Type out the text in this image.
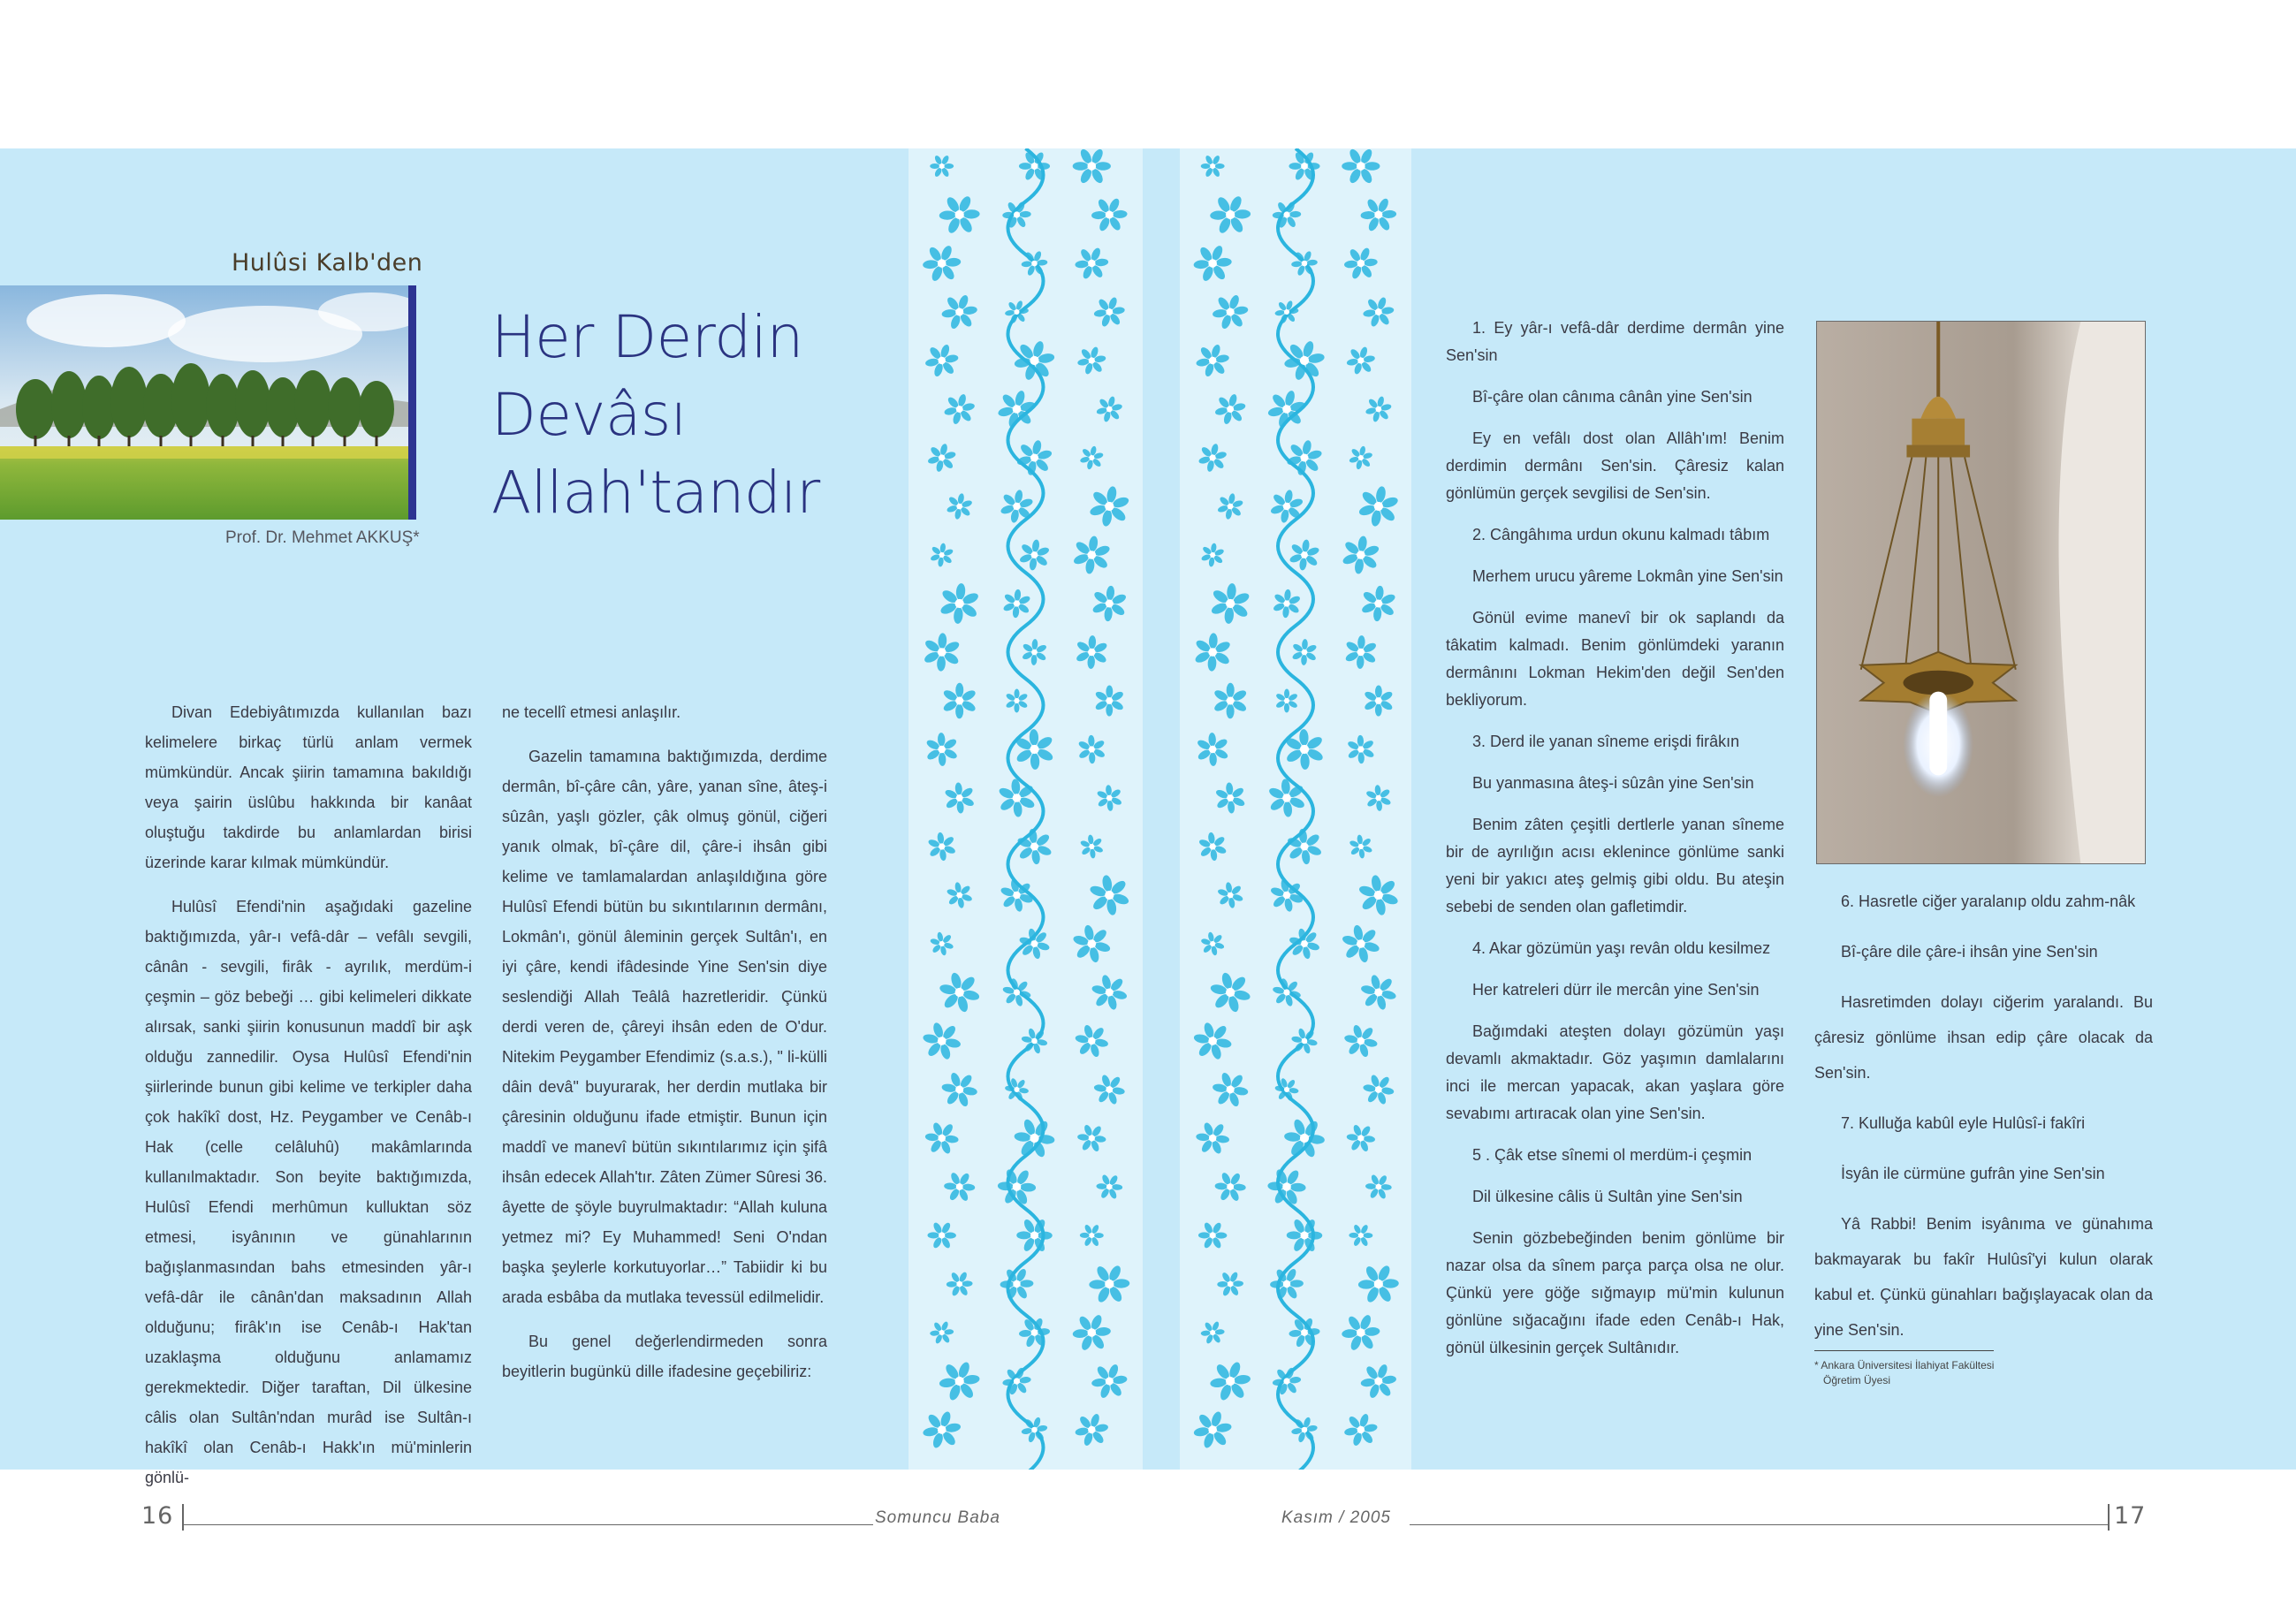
Hulûsi Kalb'den
Prof. Dr. Mehmet AKKUŞ*
Her Derdin
Devâsı
Allah'tandır

Divan Edebiyâtımızda kullanılan bazı kelimelere birkaç türlü anlam vermek mümkündür. Ancak şiirin tamamına bakıldığı veya şairin üslûbu hakkında bir kanâat oluştuğu takdirde bu anlamlardan birisi üzerinde karar kılmak mümkündür.

Hulûsî Efendi'nin aşağıdaki gazeline baktığımızda, yâr-ı vefâ-dâr – vefâlı sevgili, cânân - sevgili, firâk - ayrılık, merdüm-i çeşmin – göz bebeği … gibi kelimeleri dikkate alırsak, sanki şiirin konusunun maddî bir aşk olduğu zannedilir. Oysa Hulûsî Efendi'nin şiirlerinde bunun gibi kelime ve terkipler daha çok hakîkî dost, Hz. Peygamber ve Cenâb-ı Hak (celle celâluhû) makâmlarında kullanılmaktadır. Son beyite baktığımızda, Hulûsî Efendi merhûmun kulluktan söz etmesi, isyânının ve günahlarının bağışlanmasından bahs etmesinden yâr-ı vefâ-dâr ile cânân'dan maksadının Allah olduğunu; firâk'ın ise Cenâb-ı Hak'tan uzaklaşma olduğunu anlamamız gerekmektedir. Diğer taraftan, Dil ülkesine câlis olan Sultân'ndan murâd ise Sultân-ı hakîkî olan Cenâb-ı Hakk'ın mü'minlerin gönlü-

ne tecellî etmesi anlaşılır.

Gazelin tamamına baktığımızda, derdime dermân, bî-çâre cân, yâre, yanan sîne, âteş-i sûzân, yaşlı gözler, çâk olmuş gönül, ciğeri yanık olmak, bî-çâre dil, çâre-i ihsân gibi kelime ve tamlamalardan anlaşıldığına göre Hulûsî Efendi bütün bu sıkıntılarının dermânı, Lokmân'ı, gönül âleminin gerçek Sultân'ı, en iyi çâre, kendi ifâdesinde Yine Sen'sin diye seslendiği Allah Teâlâ hazretleridir. Çünkü derdi veren de, çâreyi ihsân eden de O'dur. Nitekim Peygamber Efendimiz (s.a.s.), " li-külli dâin devâ" buyurarak, her derdin mutlaka bir çâresinin olduğunu ifade etmiştir. Bunun için maddî ve manevî bütün sıkıntılarımız için şifâ ihsân edecek Allah'tır. Zâten Zümer Sûresi 36. âyette de şöyle buyrulmaktadır: “Allah kuluna yetmez mi? Ey Muhammed! Seni O'ndan başka şeylerle korkutuyorlar…” Tabiidir ki bu arada esbâba da mutlaka tevessül edilmelidir.

Bu genel değerlendirmeden sonra beyitlerin bugünkü dille ifadesine geçebiliriz:

1. Ey yâr-ı vefâ-dâr derdime dermân yine Sen'sin

Bî-çâre olan cânıma cânân yine Sen'sin

Ey en vefâlı dost olan Allâh'ım! Benim derdimin dermânı Sen'sin. Çâresiz kalan gönlümün gerçek sevgilisi de Sen'sin.

2. Cângâhıma urdun okunu kalmadı tâbım

Merhem urucu yâreme Lokmân yine Sen'sin

Gönül evime manevî bir ok saplandı da tâkatim kalmadı. Benim gönlümdeki yaranın dermânını Lokman Hekim'den değil Sen'den bekliyorum.

3. Derd ile yanan sîneme erişdi firâkın

Bu yanmasına âteş-i sûzân yine Sen'sin

Benim zâten çeşitli dertlerle yanan sîneme bir de ayrılığın acısı eklenince gönlüme sanki yeni bir yakıcı ateş gelmiş gibi oldu. Bu ateşin sebebi de senden olan gafletimdir.

4. Akar gözümün yaşı revân oldu kesilmez

Her katreleri dürr ile mercân yine Sen'sin

Bağımdaki ateşten dolayı gözümün yaşı devamlı akmaktadır. Göz yaşımın damlalarını inci ile mercan yapacak, akan yaşlara göre sevabımı artıracak olan yine Sen'sin.

5 . Çâk etse sînemi ol merdüm-i çeşmin

Dil ülkesine câlis ü Sultân yine Sen'sin

Senin gözbebeğinden benim gönlüme bir nazar olsa da sînem parça parça olsa ne olur. Çünkü yere göğe sığmayıp mü'min kulunun gönlüne sığacağını ifade eden Cenâb-ı Hak, gönül ülkesinin gerçek Sultânıdır.

6. Hasretle ciğer yaralanıp oldu zahm-nâk

Bî-çâre dile çâre-i ihsân yine Sen'sin

Hasretimden dolayı ciğerim yaralandı. Bu çâresiz gönlüme ihsan edip çâre olacak da Sen'sin.

7. Kulluğa kabûl eyle Hulûsî-i fakîri

İsyân ile cürmüne gufrân yine Sen'sin

Yâ Rabbi! Benim isyânıma ve günahıma bakmayarak bu fakîr Hulûsî'yi kulun olarak kabul et. Çünkü günahları bağışlayacak olan da yine Sen'sin.

* Ankara Üniversitesi İlahiyat Fakültesi
Öğretim Üyesi
16	Somuncu Baba	Kasım / 2005	17
